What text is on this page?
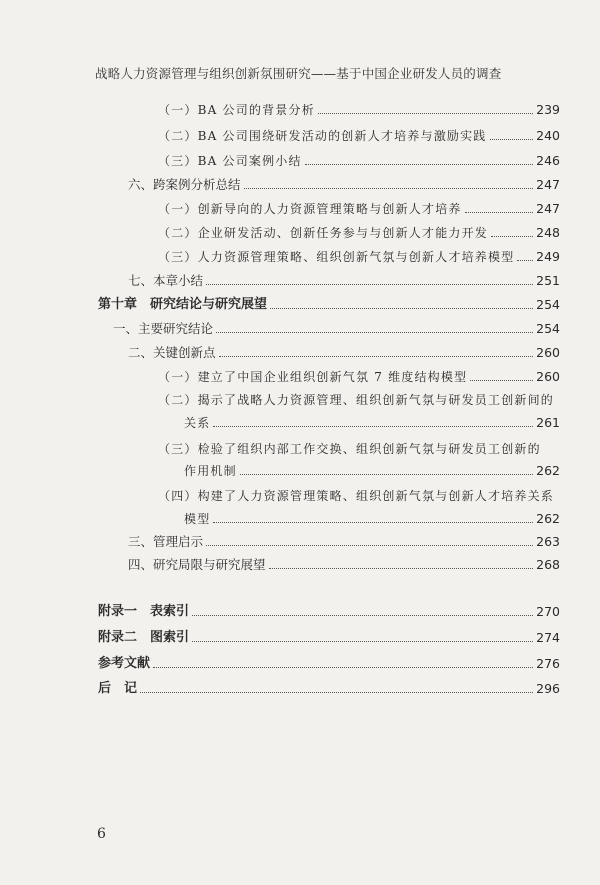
战略人力资源管理与组织创新氛围研究——基于中国企业研发人员的调查
· ·
（一）BA 公司的背景分析	239
（二）BA 公司围绕研发活动的创新人才培养与激励实践	240
（三）BA 公司案例小结	246
六、跨案例分析总结	247
（一）创新导向的人力资源管理策略与创新人才培养	247
（二）企业研发活动、创新任务参与与创新人才能力开发	248
（三）人力资源管理策略、组织创新气氛与创新人才培养模型 249
七、本章小结	251
第十章　研究结论与研究展望	254
一、主要研究结论	254
二、关键创新点	260
（一）建立了中国企业组织创新气氛 7 维度结构模型	260
（二）揭示了战略人力资源管理、组织创新气氛与研发员工创新间的
关系	261
（三）检验了组织内部工作交换、组织创新气氛与研发员工创新的
作用机制	262
（四）构建了人力资源管理策略、组织创新气氛与创新人才培养关系
模型	262
三、管理启示	263
四、研究局限与研究展望	268
附录一　表索引	270
附录二　图索引	274
参考文献	276
后　记	296
6
